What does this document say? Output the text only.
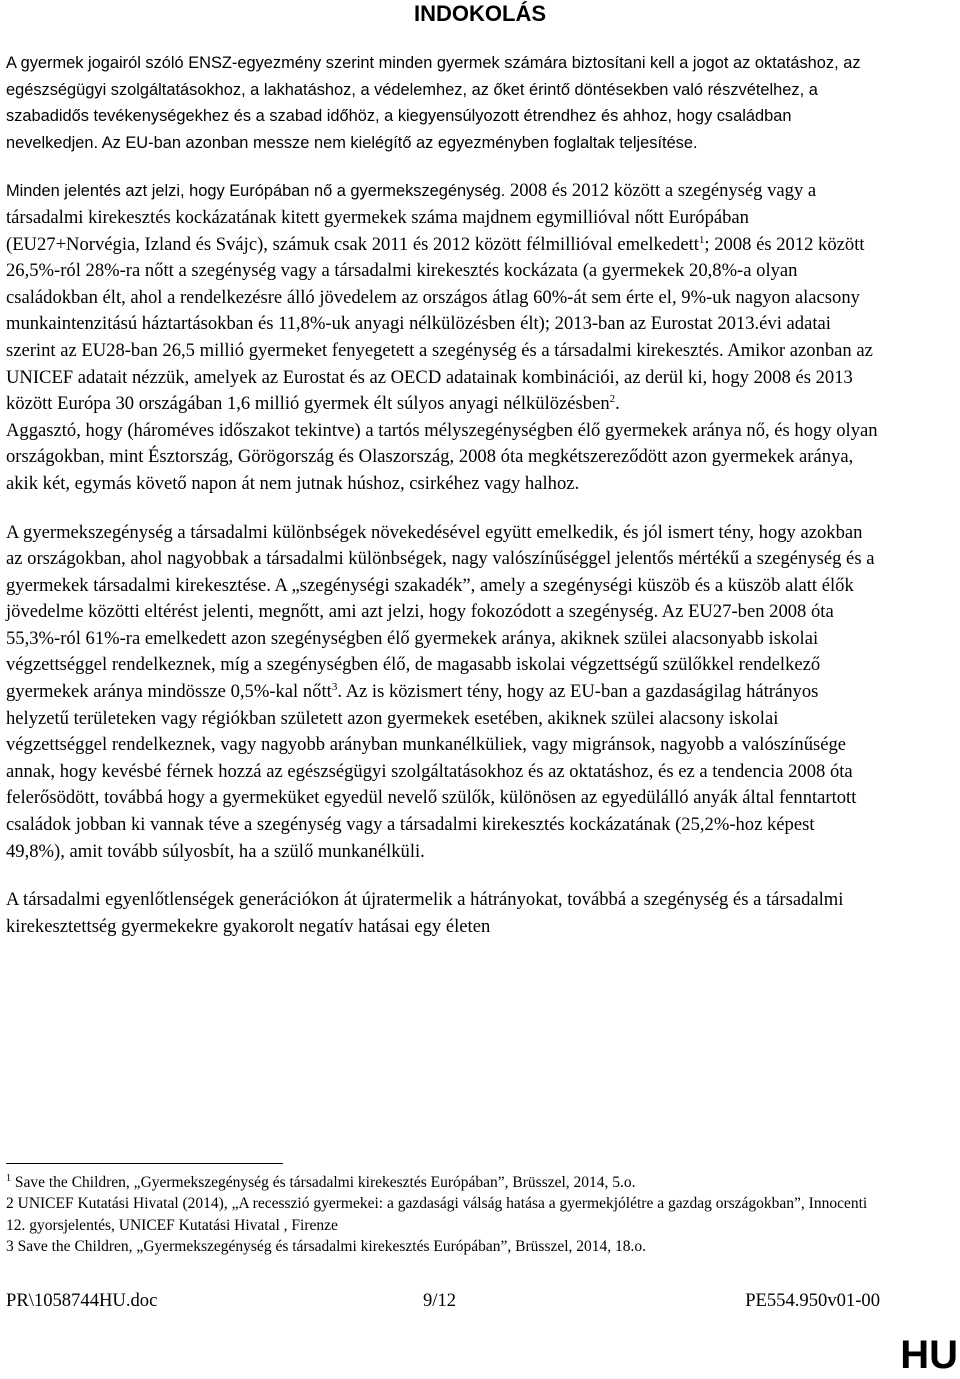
INDOKOLÁS

A gyermek jogairól szóló ENSZ-egyezmény szerint minden gyermek számára biztosítani kell a jogot az oktatáshoz, az egészségügyi szolgáltatásokhoz, a lakhatáshoz, a védelemhez, az őket érintő döntésekben való részvételhez, a szabadidős tevékenységekhez és a szabad időhöz, a kiegyensúlyozott étrendhez és ahhoz, hogy családban nevelkedjen. Az EU-ban azonban messze nem kielégítő az egyezményben foglaltak teljesítése.

Minden jelentés azt jelzi, hogy Európában nő a gyermekszegénység. 2008 és 2012 között a szegénység vagy a társadalmi kirekesztés kockázatának kitett gyermekek száma majdnem egymillióval nőtt Európában (EU27+Norvégia, Izland és Svájc), számuk csak 2011 és 2012 között félmillióval emelkedett$^1$; 2008 és 2012 között 26,5%-ról 28%-ra nőtt a szegénység vagy a társadalmi kirekesztés kockázata (a gyermekek 20,8%-a olyan családokban élt, ahol a rendelkezésre álló jövedelem az országos átlag 60%-át sem érte el, 9%-uk nagyon alacsony munkaintenzitású háztartásokban és 11,8%-uk anyagi nélkülözésben élt); 2013-ban az Eurostat 2013.évi adatai szerint az EU28-ban 26,5 millió gyermeket fenyegetett a szegénység és a társadalmi kirekesztés. Amikor azonban az UNICEF adatait nézzük, amelyek az Eurostat és az OECD adatainak kombinációi, az derül ki, hogy 2008 és 2013 között Európa 30 országában 1,6 millió gyermek élt súlyos anyagi nélkülözésben$^2$.

Aggasztó, hogy (hároméves időszakot tekintve) a tartós mélyszegénységben élő gyermekek aránya nő, és hogy olyan országokban, mint Észtország, Görögország és Olaszország, 2008 óta megkétszereződött azon gyermekek aránya, akik két, egymás követő napon át nem jutnak húshoz, csirkéhez vagy halhoz.

A gyermekszegénység a társadalmi különbségek növekedésével együtt emelkedik, és jól ismert tény, hogy azokban az országokban, ahol nagyobbak a társadalmi különbségek, nagy valószínűséggel jelentős mértékű a szegénység és a gyermekek társadalmi kirekesztése. A „szegénységi szakadék”, amely a szegénységi küszöb és a küszöb alatt élők jövedelme közötti eltérést jelenti, megnőtt, ami azt jelzi, hogy fokozódott a szegénység. Az EU27-ben 2008 óta 55,3%-ról 61%-ra emelkedett azon szegénységben élő gyermekek aránya, akiknek szülei alacsonyabb iskolai végzettséggel rendelkeznek, míg a szegénységben élő, de magasabb iskolai végzettségű szülőkkel rendelkező gyermekek aránya mindössze 0,5%-kal nőtt$^3$. Az is közismert tény, hogy az EU-ban a gazdaságilag hátrányos helyzetű területeken vagy régiókban született azon gyermekek esetében, akiknek szülei alacsony iskolai végzettséggel rendelkeznek, vagy nagyobb arányban munkanélküliek, vagy migránsok, nagyobb a valószínűsége annak, hogy kevésbé férnek hozzá az egészségügyi szolgáltatásokhoz és az oktatáshoz, és ez a tendencia 2008 óta felerősödött, továbbá hogy a gyermeküket egyedül nevelő szülők, különösen az egyedülálló anyák által fenntartott családok jobban ki vannak téve a szegénység vagy a társadalmi kirekesztés kockázatának (25,2%-hoz képest 49,8%), amit tovább súlyosbít, ha a szülő munkanélküli.

A társadalmi egyenlőtlenségek generációkon át újratermelik a hátrányokat, továbbá a szegénység és a társadalmi kirekesztettség gyermekekre gyakorolt negatív hatásai egy életen

$^1$ Save the Children, „Gyermekszegénység és társadalmi kirekesztés Európában”, Brüsszel, 2014, 5.o.

2 UNICEF Kutatási Hivatal (2014), „A recesszió gyermekei: a gazdasági válság hatása a gyermekjólétre a gazdag országokban”, Innocenti 12. gyorsjelentés, UNICEF Kutatási Hivatal , Firenze

3 Save the Children, „Gyermekszegénység és társadalmi kirekesztés Európában”, Brüsszel, 2014, 18.o.

PR\1058744HU.doc	9/12	PE554.950v01-00
HU
